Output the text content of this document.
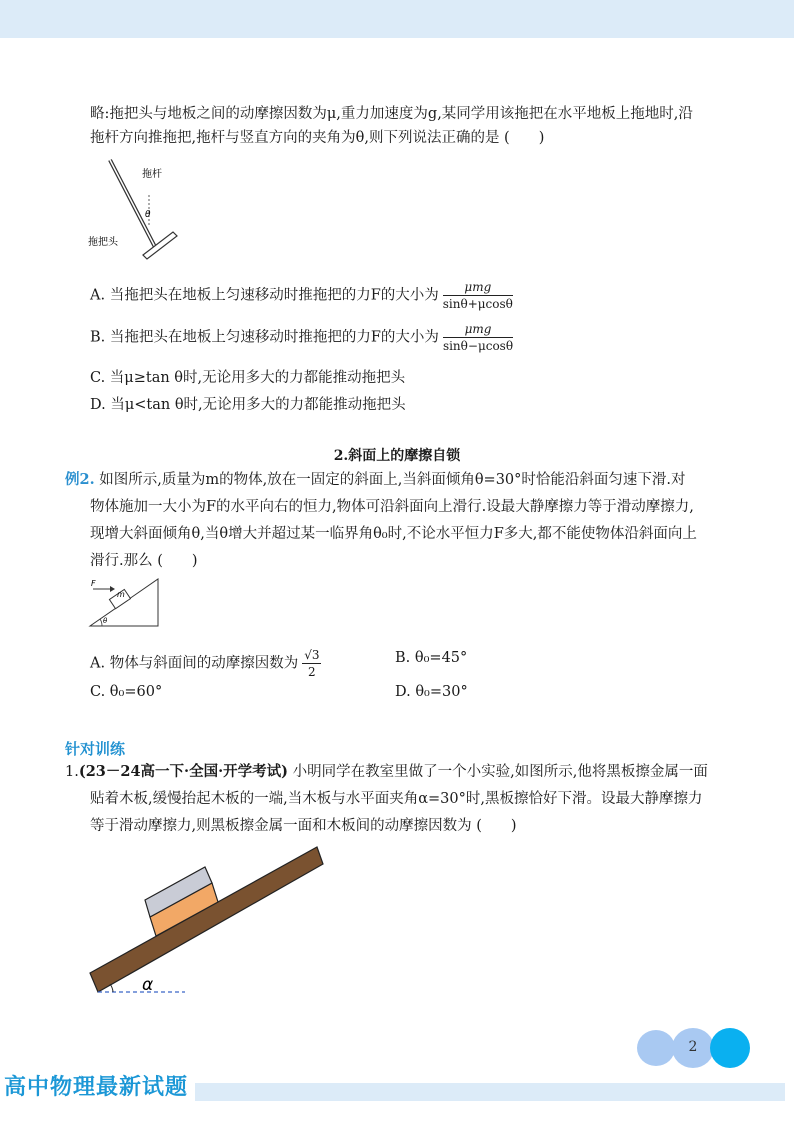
略:拖把头与地板之间的动摩擦因数为μ,重力加速度为g,某同学用该拖把在水平地板上拖地时,沿
拖杆方向推拖把,拖杆与竖直方向的夹角为θ,则下列说法正确的是 (　　)
拖杆
拖把头
θ
A. 当拖把头在地板上匀速移动时推拖把的力F的大小为 $\frac{\text{μmg}}{\sin\theta+\mu\cos\theta}$
B. 当拖把头在地板上匀速移动时推拖把的力F的大小为 $\frac{\text{μmg}}{\sin\theta-\mu\cos\theta}$
C. 当μ≥tan θ时,无论用多大的力都能推动拖把头
D. 当μ<tan θ时,无论用多大的力都能推动拖把头
2.斜面上的摩擦自锁
例2. 如图所示,质量为m的物体,放在一固定的斜面上,当斜面倾角θ=30°时恰能沿斜面匀速下滑.对
物体施加一大小为F的水平向右的恒力,物体可沿斜面向上滑行.设最大静摩擦力等于滑动摩擦力,
现增大斜面倾角θ,当θ增大并超过某一临界角θ₀时,不论水平恒力F多大,都不能使物体沿斜面向上
滑行.那么 (　　)
F
m
θ
A. 物体与斜面间的动摩擦因数为 $\frac{√3}{2}$	B. θ₀=45°
C. θ₀=60°	D. θ₀=30°
针对训练
1.(23－24高一下·全国·开学考试) 小明同学在教室里做了一个小实验,如图所示,他将黑板擦金属一面
贴着木板,缓慢抬起木板的一端,当木板与水平面夹角α=30°时,黑板擦恰好下滑。设最大静摩擦力
等于滑动摩擦力,则黑板擦金属一面和木板间的动摩擦因数为 (　　)
α
2
高中物理最新试题
